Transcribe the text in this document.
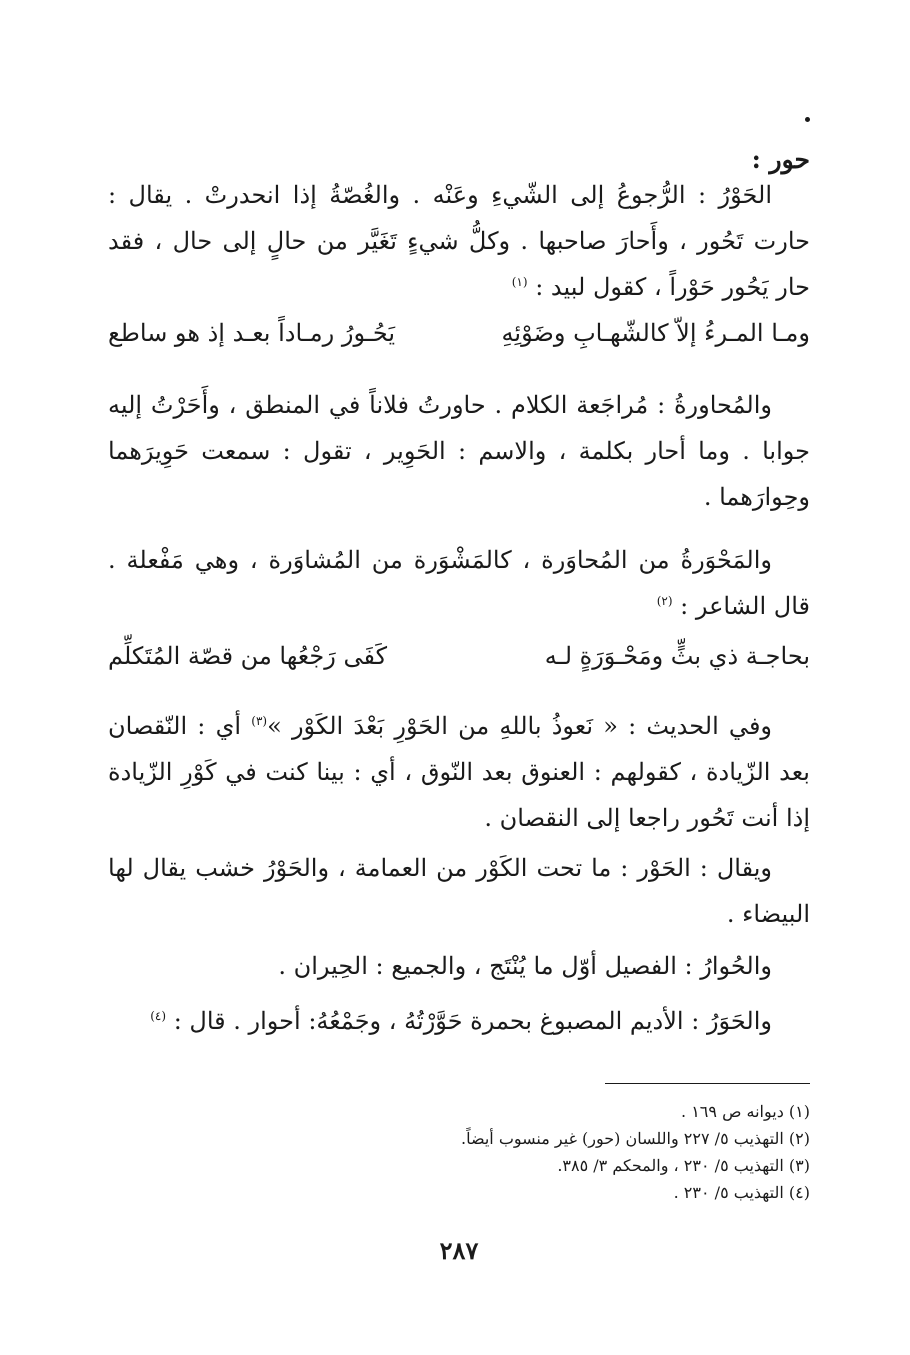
حور :

الحَوْرُ : الرُّجوعُ إلى الشّيءِ وعَنْه . والغُصّةُ إذا انحدرتْ . يقال : حارت تَحُور ، وأَحارَ صاحبها . وكلُّ شيءٍ تَغَيَّر من حالٍ إلى حال ، فقد حار يَحُور حَوْراً ، كقول لبيد : $^{(١)}$

ومـا المـرءُ إلاّ كالشّهـابِ وضَوْئِهِ
يَحُـورُ رمـاداً بعـد إذ هو ساطع

والمُحاورةُ : مُراجَعة الكلام . حاورتُ فلاناً في المنطق ، وأَحَرْتُ إليه جوابا . وما أحار بكلمة ، والاسم : الحَوِير ، تقول : سمعت حَوِيرَهما وحِوارَهما .

والمَحْوَرةُ من المُحاوَرة ، كالمَشْوَرة من المُشاوَرة ، وهي مَفْعلة . قال الشاعر : $^{(٢)}$

بحاجـة ذي بثٍّ ومَحْـوَرَةٍ لـه
كَفَى رَجْعُها من قصّة المُتَكلِّم

وفي الحديث : « نَعوذُ باللهِ من الحَوْرِ بَعْدَ الكَوْر »$^{(٣)}$ أي : النّقصان بعد الزّيادة ، كقولهم : العنوق بعد النّوق ، أي : بينا كنت في كَوْرِ الزّيادة إذا أنت تَحُور راجعا إلى النقصان .

ويقال : الحَوْر : ما تحت الكَوْر من العمامة ، والحَوْرُ خشب يقال لها البيضاء .

والحُوارُ : الفصيل أوّل ما يُنْتَج ، والجميع : الحِيران .

والحَوَرُ : الأديم المصبوغ بحمرة حَوَّرْتُهُ ، وجَمْعُهُ: أحوار . قال : $^{(٤)}$

(١) ديوانه ص ١٦٩ .
(٢) التهذيب ٥/ ٢٢٧ واللسان (حور) غير منسوب أيضاً.
(٣) التهذيب ٥/ ٢٣٠ ، والمحكم ٣/ ٣٨٥.
(٤) التهذيب ٥/ ٢٣٠ .

٢٨٧
